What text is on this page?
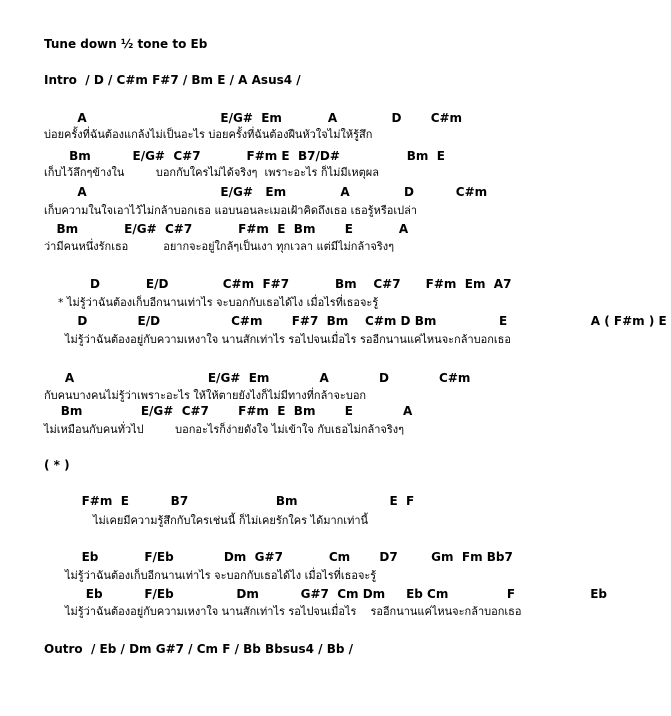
Tune down ½ tone to Eb
Intro  / D / C#m F#7 / Bm E / A Asus4 /
A                                E/G#  Em           A             D       C#m
บ่อยครั้งที่ฉันต้องแกล้งไม่เป็นอะไร บ่อยครั้งที่ฉันต้องฝืนหัวใจไม่ให้รู้สึก
Bm          E/G#  C#7           F#m E  B7/D#                Bm  E
เก็บไว้ลึกๆข้างใน         บอกกับใครไม่ได้จริงๆ  เพราะอะไร ก็ไม่มีเหตุผล
A                                E/G#   Em             A             D          C#m
เก็บความในใจเอาไว้ไม่กล้าบอกเธอ แอบนอนละเมอเฝ้าคิดถึงเธอ เธอรู้หรือเปล่า
Bm           E/G#  C#7           F#m  E  Bm       E           A
ว่ามีคนหนึ่งรักเธอ          อยากจะอยู่ใกล้ๆเป็นเงา ทุกเวลา แต่มีไม่กล้าจริงๆ
D           E/D             C#m  F#7           Bm    C#7      F#m  Em  A7
* ไม่รู้ว่าฉันต้องเก็บอีกนานเท่าไร จะบอกกับเธอได้ไง เมื่อไรที่เธอจะรู้
D            E/D                 C#m       F#7  Bm    C#m D Bm               E                    A ( F#m ) E
ไม่รู้ว่าฉันต้องอยู่กับความเหงาใจ นานสักเท่าไร รอไปจนเมื่อไร รออีกนานแค่ไหนจะกล้าบอกเธอ
A                                E/G#  Em            A            D            C#m
กับคนบางคนไม่รู้ว่าเพราะอะไร ให้ให้ตายยังไงก็ไม่มีทางที่กล้าจะบอก
Bm              E/G#  C#7       F#m  E  Bm       E            A
ไม่เหมือนกับคนทั่วไป         บอกอะไรก็ง่ายดังใจ ไม่เข้าใจ กับเธอไม่กล้าจริงๆ
( * )
F#m  E          B7                     Bm                      E  F
ไม่เคยมีความรู้สึกกับใครเช่นนี้ ก็ไม่เคยรักใคร ได้มากเท่านี้
Eb           F/Eb            Dm  G#7           Cm       D7        Gm  Fm Bb7
ไม่รู้ว่าฉันต้องเก็บอีกนานเท่าไร จะบอกกับเธอได้ไง เมื่อไรที่เธอจะรู้
Eb          F/Eb               Dm          G#7  Cm Dm     Eb Cm              F                  Eb
ไม่รู้ว่าฉันต้องอยู่กับความเหงาใจ นานสักเท่าไร รอไปจนเมื่อไร    รออีกนานแค่ไหนจะกล้าบอกเธอ
Outro  / Eb / Dm G#7 / Cm F / Bb Bbsus4 / Bb /
